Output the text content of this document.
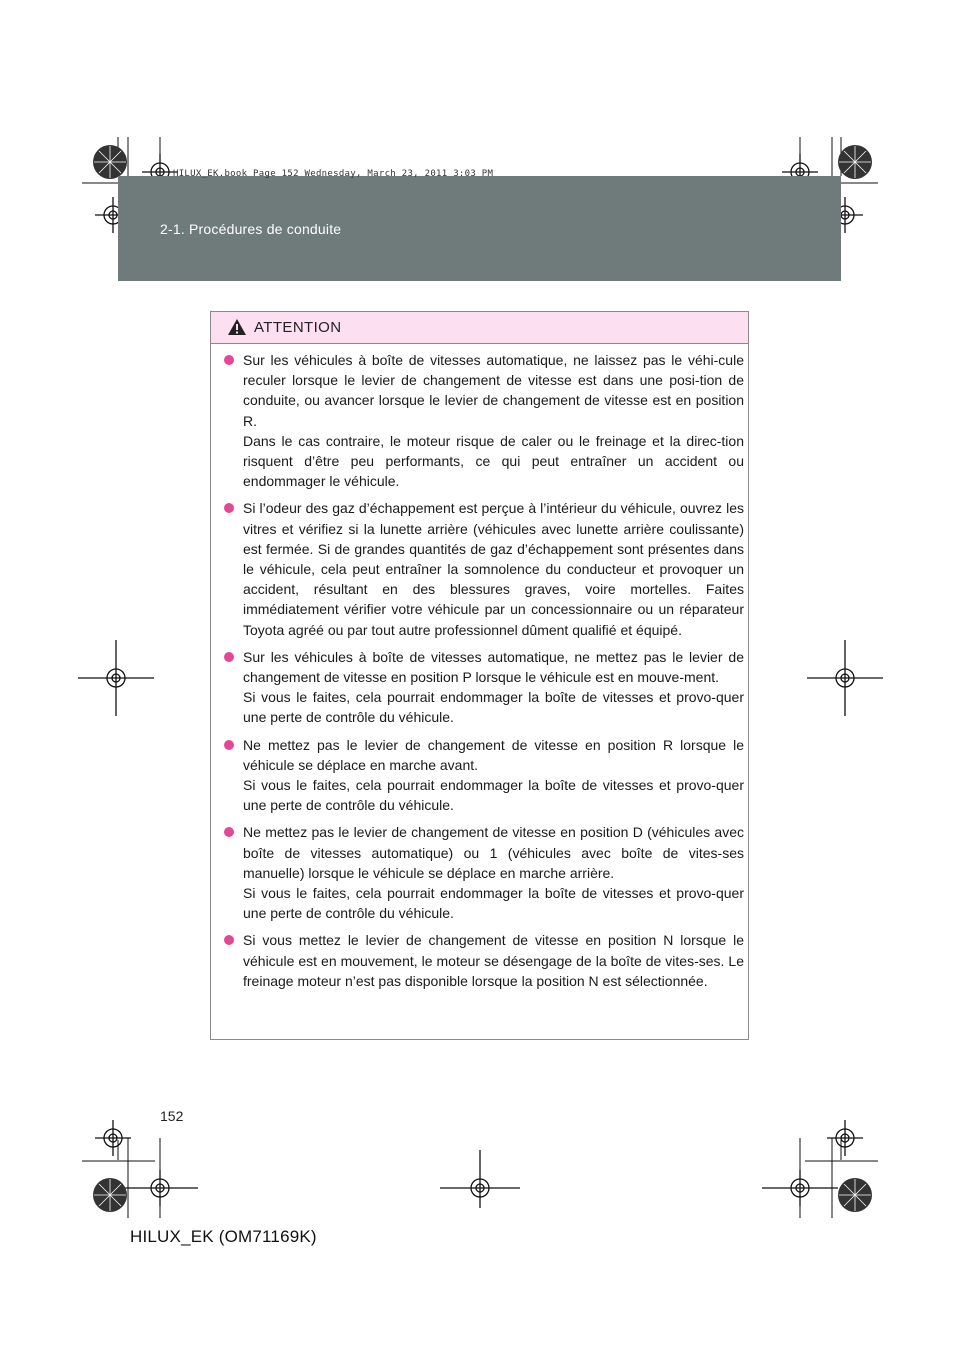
2-1. Procédures de conduite
HILUX_EK.book Page 152 Wednesday, March 23, 2011 3:03 PM
ATTENTION

Sur les véhicules à boîte de vitesses automatique, ne laissez pas le véhi-cule reculer lorsque le levier de changement de vitesse est dans une posi-tion de conduite, ou avancer lorsque le levier de changement de vitesse est en position R.

Dans le cas contraire, le moteur risque de caler ou le freinage et la direc-tion risquent d’être peu performants, ce qui peut entraîner un accident ou endommager le véhicule.

Si l’odeur des gaz d’échappement est perçue à l’intérieur du véhicule, ouvrez les vitres et vérifiez si la lunette arrière (véhicules avec lunette arrière coulissante) est fermée. Si de grandes quantités de gaz d’échappement sont présentes dans le véhicule, cela peut entraîner la somnolence du conducteur et provoquer un accident, résultant en des blessures graves, voire mortelles. Faites immédiatement vérifier votre véhicule par un concessionnaire ou un réparateur Toyota agréé ou par tout autre professionnel dûment qualifié et équipé.

Sur les véhicules à boîte de vitesses automatique, ne mettez pas le levier de changement de vitesse en position P lorsque le véhicule est en mouve-ment.

Si vous le faites, cela pourrait endommager la boîte de vitesses et provo-quer une perte de contrôle du véhicule.

Ne mettez pas le levier de changement de vitesse en position R lorsque le véhicule se déplace en marche avant.

Si vous le faites, cela pourrait endommager la boîte de vitesses et provo-quer une perte de contrôle du véhicule.

Ne mettez pas le levier de changement de vitesse en position D (véhicules avec boîte de vitesses automatique) ou 1 (véhicules avec boîte de vites-ses manuelle) lorsque le véhicule se déplace en marche arrière.

Si vous le faites, cela pourrait endommager la boîte de vitesses et provo-quer une perte de contrôle du véhicule.

Si vous mettez le levier de changement de vitesse en position N lorsque le véhicule est en mouvement, le moteur se désengage de la boîte de vites-ses. Le freinage moteur n’est pas disponible lorsque la position N est sélectionnée.

152
HILUX_EK (OM71169K)
